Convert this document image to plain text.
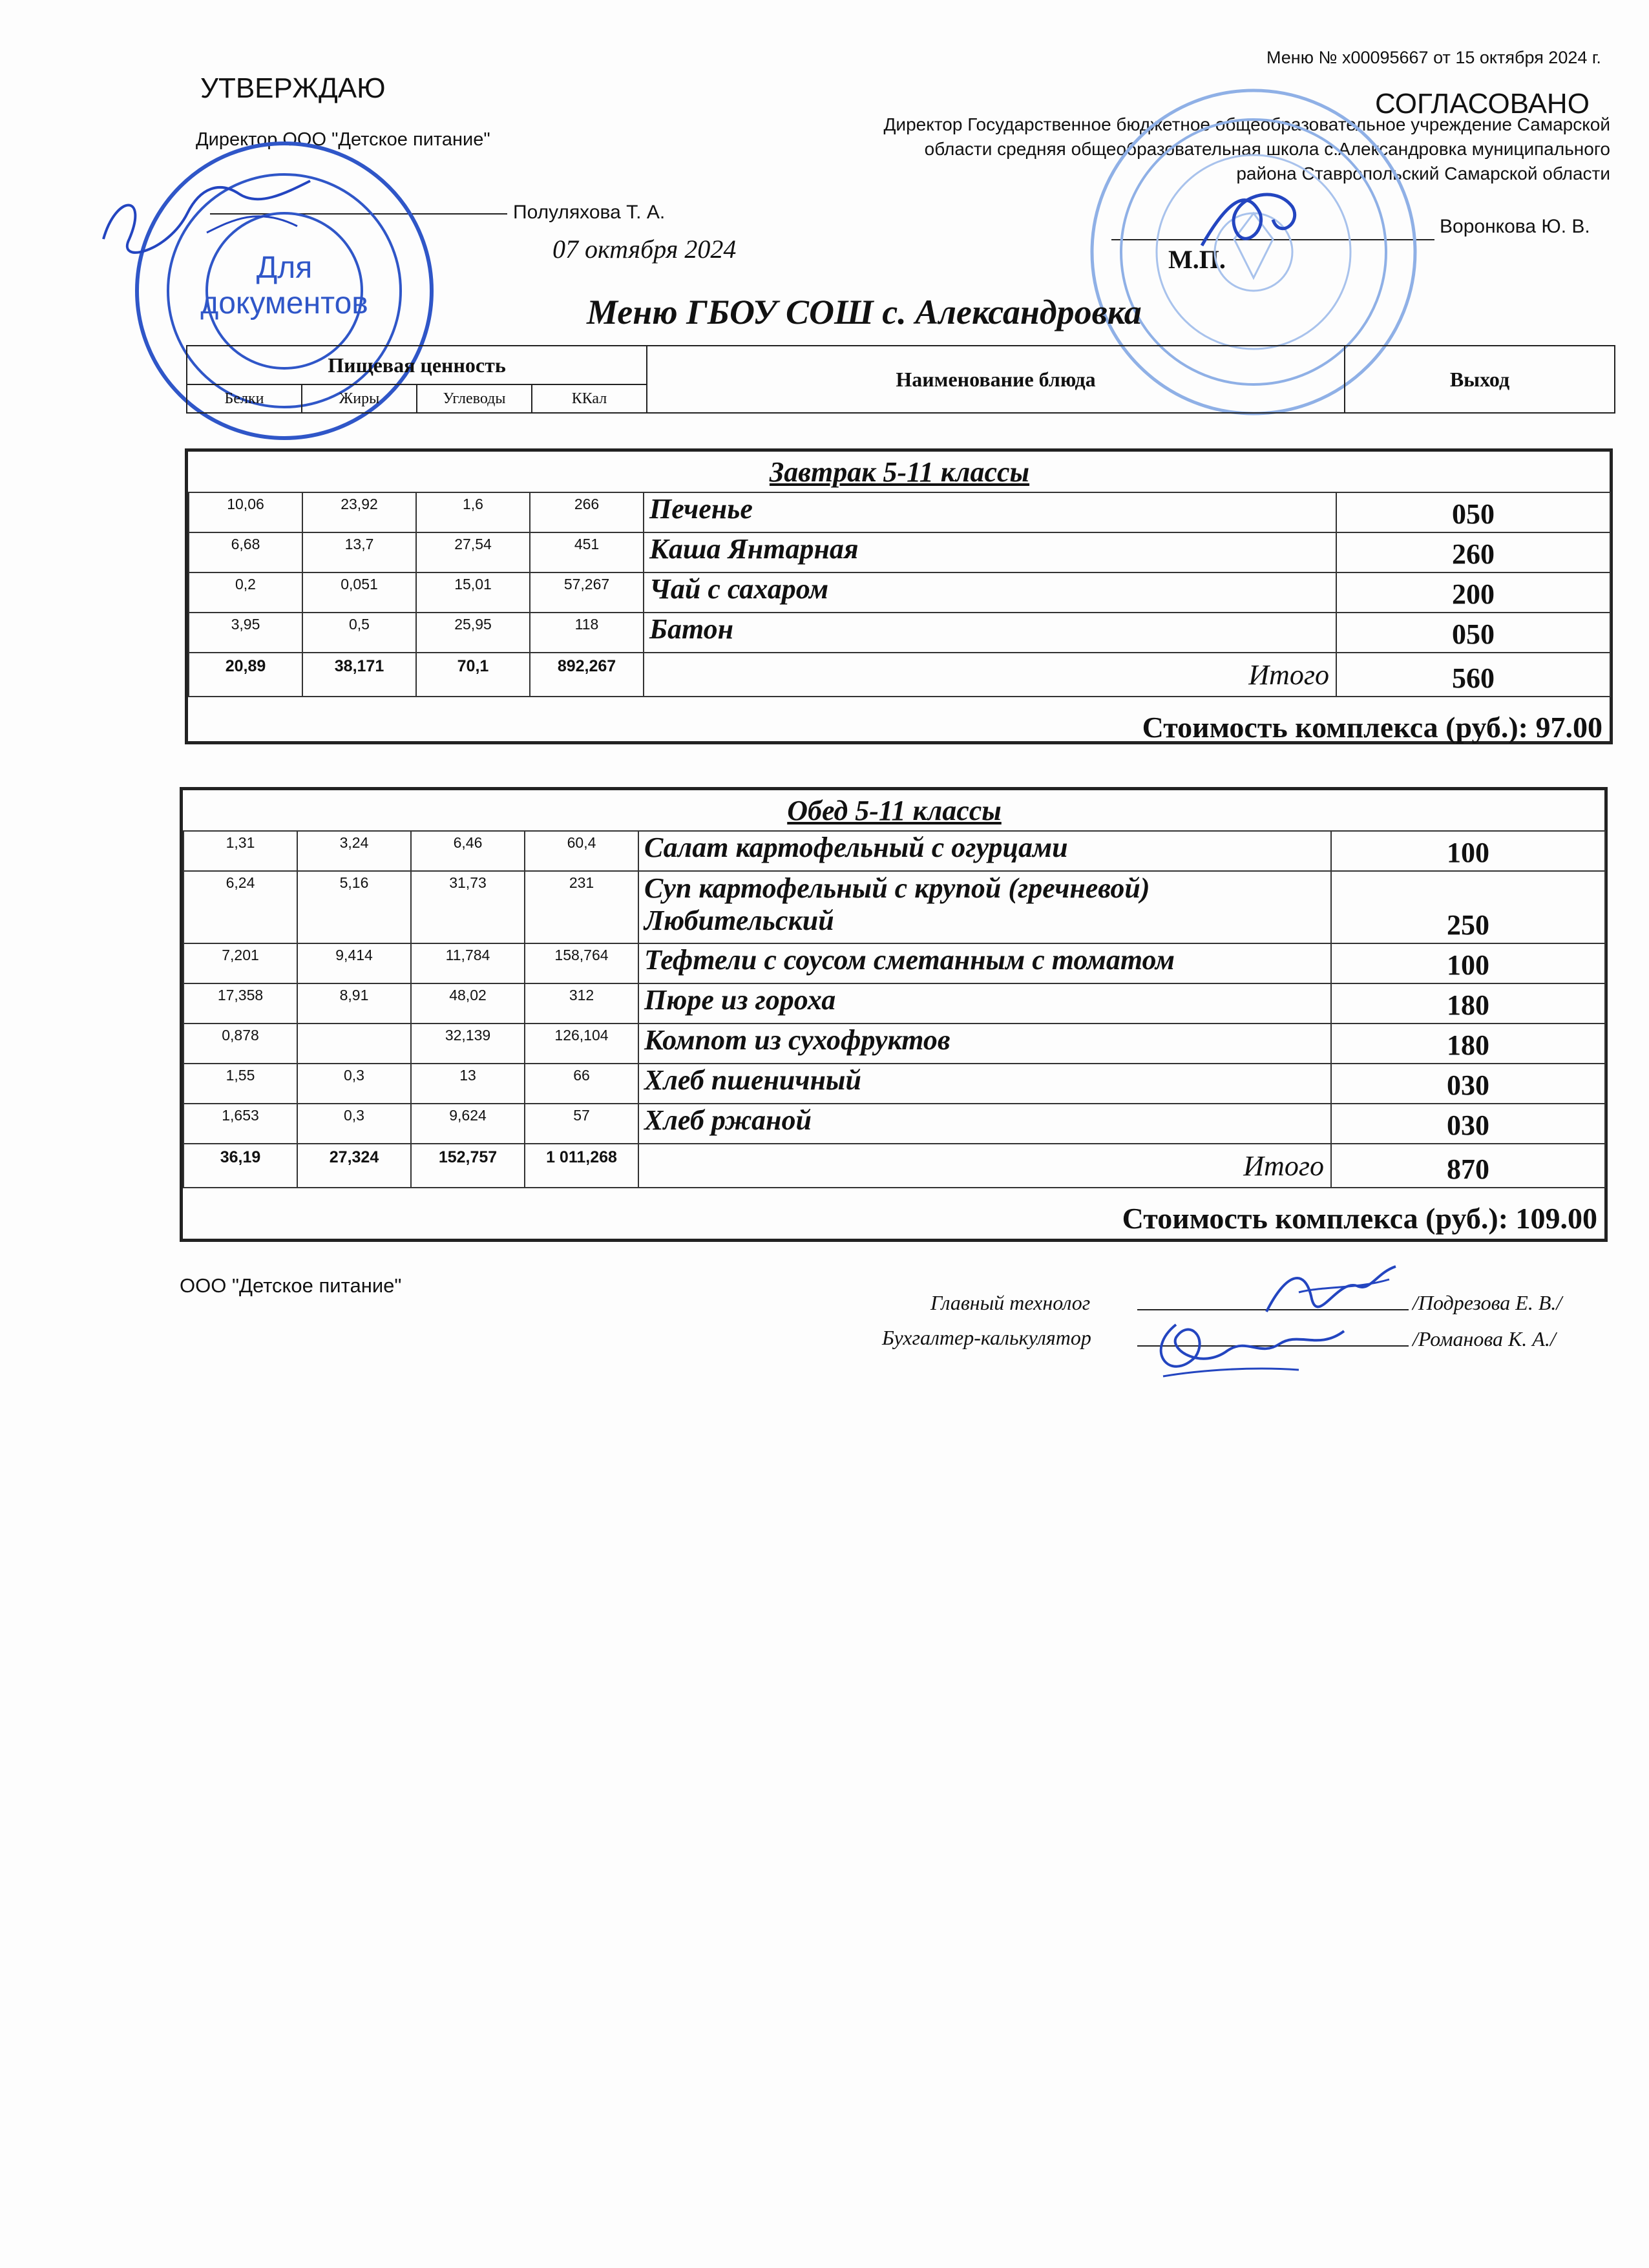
Меню № х00095667 от 15 октября 2024 г.
УТВЕРЖДАЮ
Директор ООО "Детское питание"
Полуляхова Т. А.
07 октября 2024
СОГЛАСОВАНО
Директор Государственное бюджетное общеобразовательное учреждение Самарской
области средняя общеобразовательная школа с.Александровка муниципального
района Ставропольский Самарской области
Воронкова Ю. В.
М.П.
Для
документов	Меню ГБОУ СОШ с. Александровка
Пищевая ценность				Наименование блюда	Выход
Белки	Жиры	Углеводы	ККал		
Завтрак 5-11 классы					
10,06	23,92	1,6	266	Печенье	050
6,68	13,7	27,54	451	Каша Янтарная	260
0,2	0,051	15,01	57,267	Чай с сахаром	200
3,95	0,5	25,95	118	Батон	050
20,89	38,171	70,1	892,267	Итого	560
Стоимость комплекса (руб.): 97.00					
Обед 5-11 классы					
1,31	3,24	6,46	60,4	Салат картофельный с огурцами	100
6,24	5,16	31,73	231	Суп картофельный с крупой (гречневой)
Любительский	250
7,201	9,414	11,784	158,764	Тефтели с соусом сметанным с томатом	100
17,358	8,91	48,02	312	Пюре из гороха	180
0,878		32,139	126,104	Компот из сухофруктов	180
1,55	0,3	13	66	Хлеб пшеничный	030
1,653	0,3	9,624	57	Хлеб ржаной	030
36,19	27,324	152,757	1 011,268	Итого	870
Стоимость комплекса (руб.): 109.00					
ООО "Детское питание"
Главный технолог	/Подрезова Е. В./
Бухгалтер-калькулятор	/Романова К. А./
